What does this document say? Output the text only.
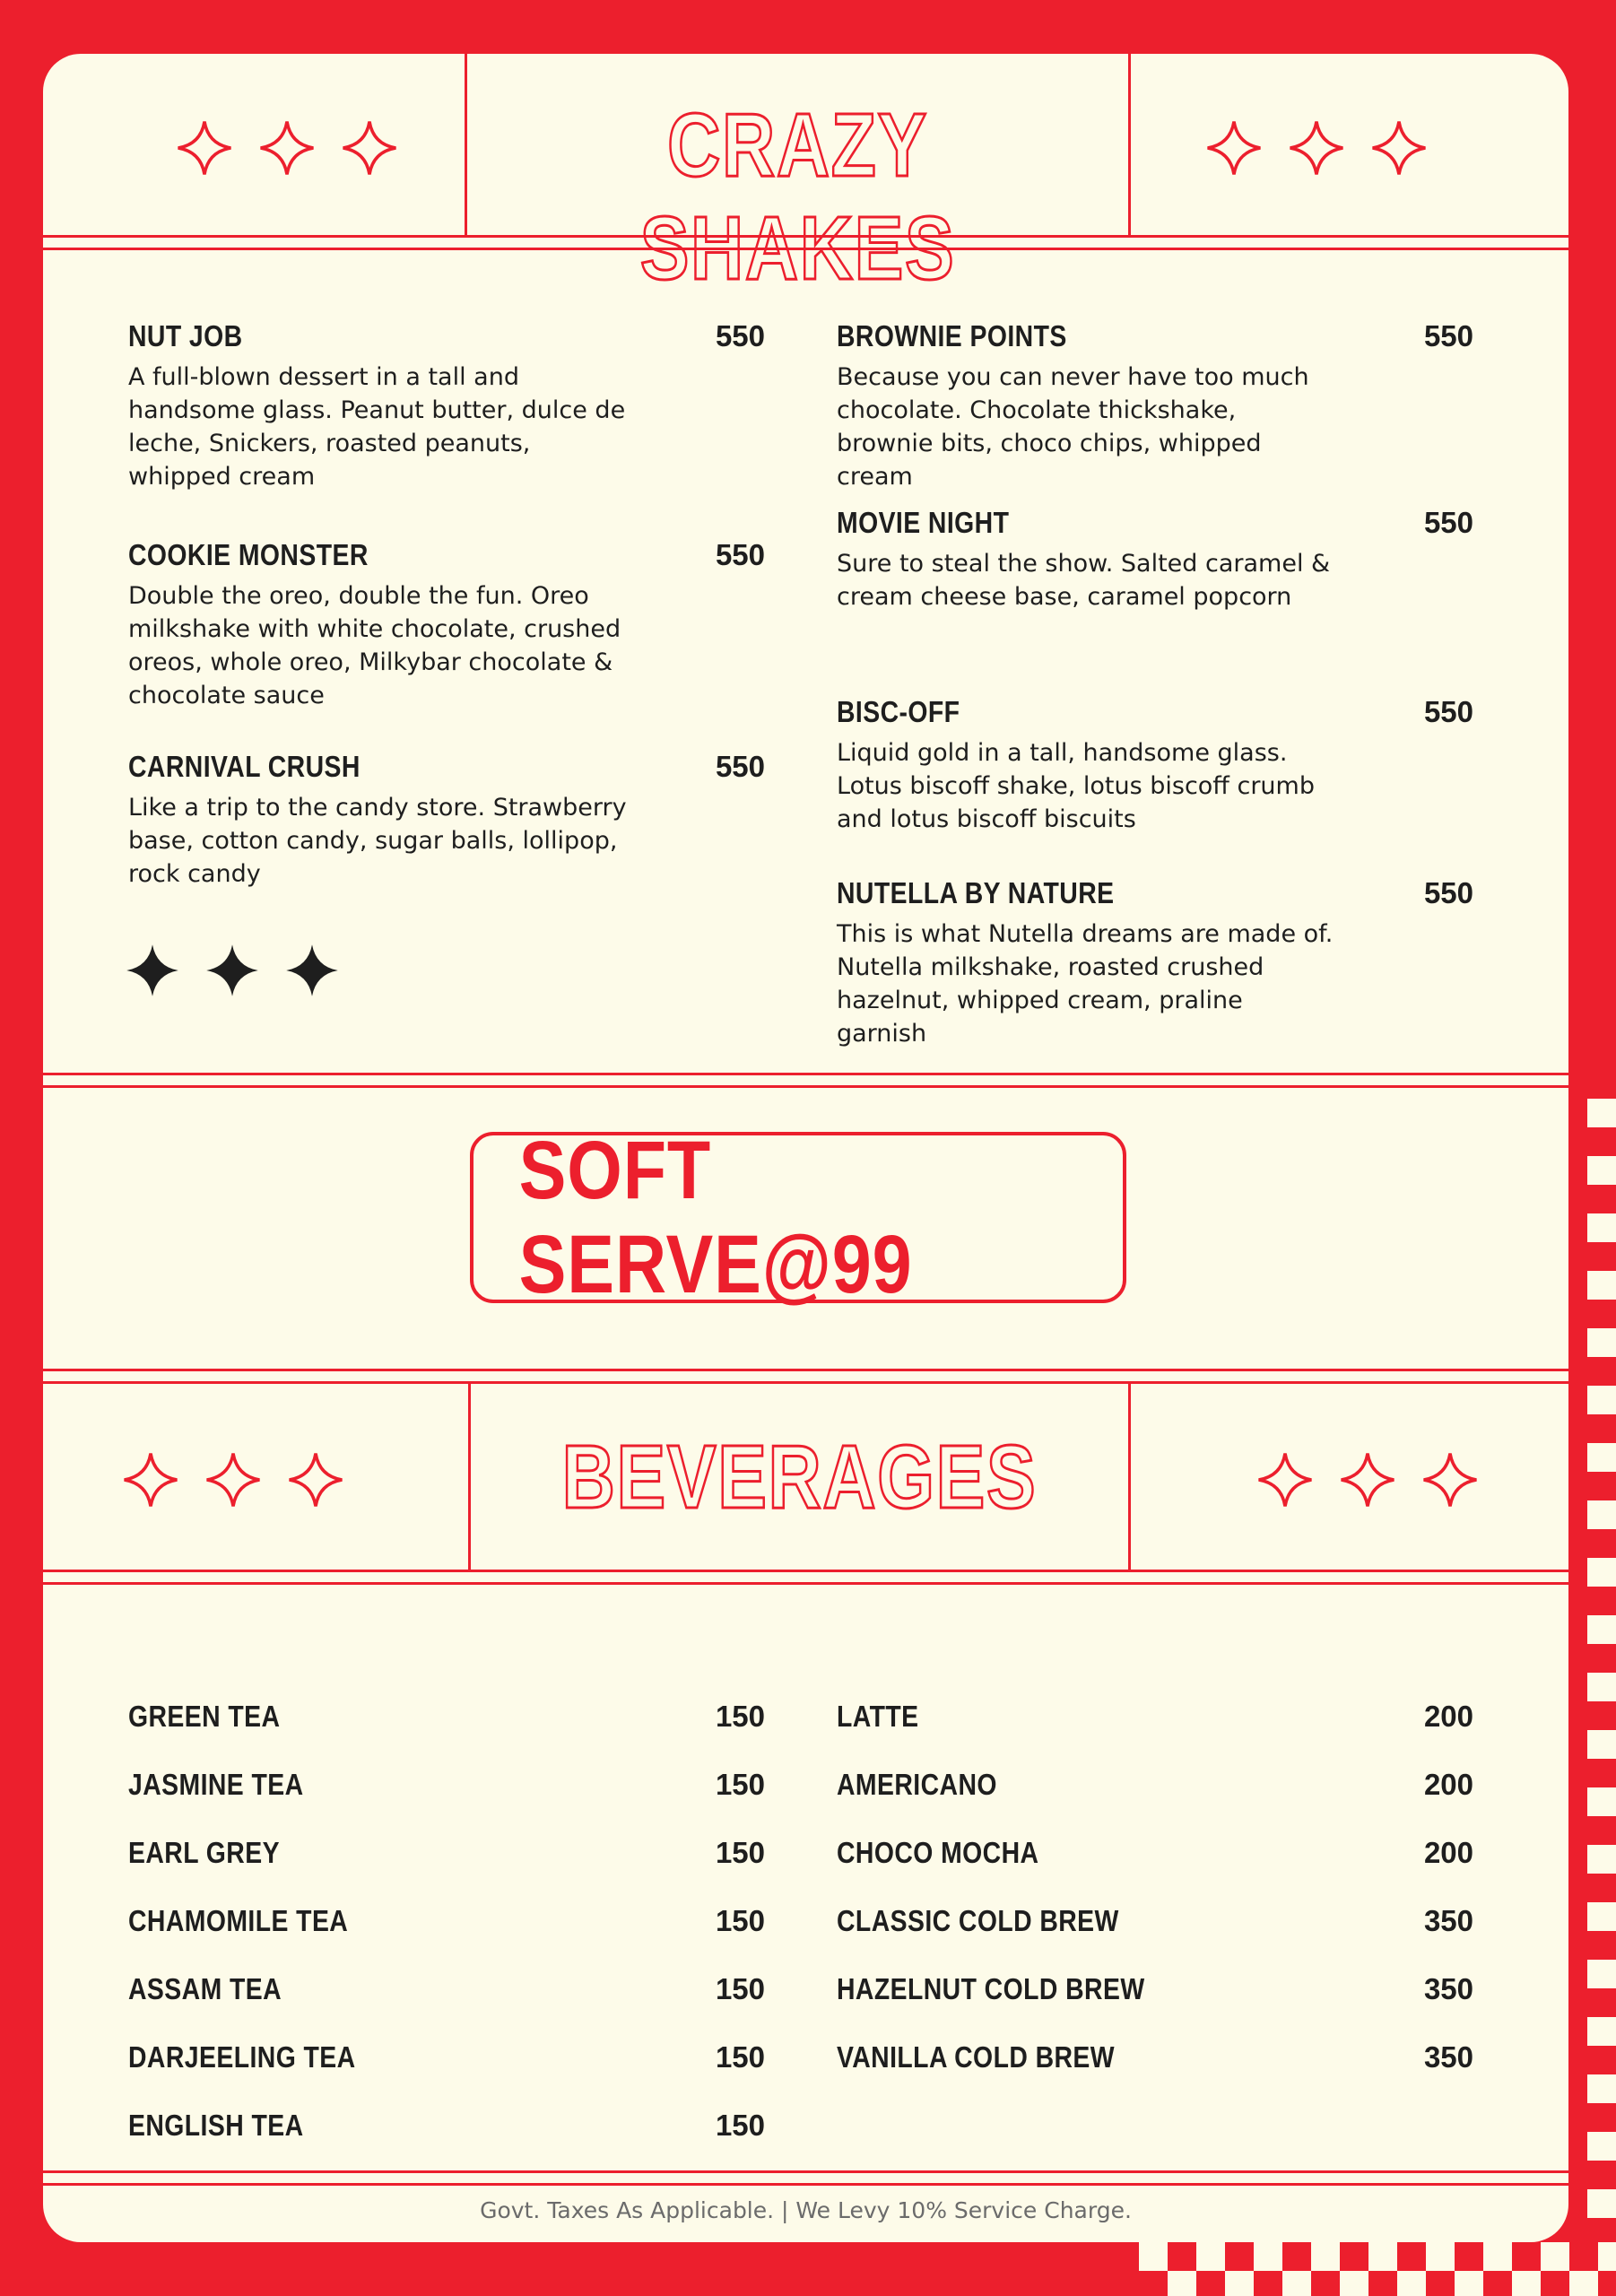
CRAZY SHAKES
NUT JOB	550
A full-blown dessert in a tall and handsome glass. Peanut butter, dulce de leche, Snickers, roasted peanuts, whipped cream
COOKIE MONSTER	550
Double the oreo, double the fun. Oreo milkshake with white chocolate, crushed oreos, whole oreo, Milkybar chocolate & chocolate sauce
CARNIVAL CRUSH	550
Like a trip to the candy store. Strawberry base, cotton candy, sugar balls, lollipop, rock candy
BROWNIE POINTS	550
Because you can never have too much chocolate. Chocolate thickshake, brownie bits, choco chips, whipped cream
MOVIE NIGHT	550
Sure to steal the show. Salted caramel & cream cheese base, caramel popcorn
BISC-OFF	550
Liquid gold in a tall, handsome glass. Lotus biscoff shake, lotus biscoff crumb and lotus biscoff biscuits
NUTELLA BY NATURE	550
This is what Nutella dreams are made of. Nutella milkshake, roasted crushed hazelnut, whipped cream, praline garnish
SOFT SERVE@99
BEVERAGES
GREEN TEA	150
JASMINE TEA	150
EARL GREY	150
CHAMOMILE TEA	150
ASSAM TEA	150
DARJEELING TEA	150
ENGLISH TEA	150
LATTE	200
AMERICANO	200
CHOCO MOCHA	200
CLASSIC COLD BREW	350
HAZELNUT COLD BREW	350
VANILLA COLD BREW	350
Govt. Taxes As Applicable. | We Levy 10% Service Charge.
